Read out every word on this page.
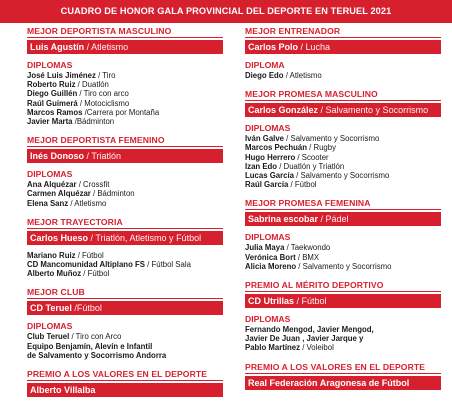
CUADRO DE HONOR GALA PROVINCIAL DEL DEPORTE EN TERUEL 2021
MEJOR DEPORTISTA MASCULINO
Luis Agustín / Atletismo
DIPLOMAS
José Luis Jiménez / Tiro
Roberto Ruiz / Duatlón
Diego Guillén / Tiro con arco
Raúl Guimerá / Motociclismo
Marcos Ramos /Carrera por Montaña
Javier Marta /Bádminton
MEJOR DEPORTISTA FEMENINO
Inés Donoso / Triatlón
DIPLOMAS
Ana Alquézar / Crossfit
Carmen Alquézar / Bádminton
Elena Sanz / Atletismo
MEJOR TRAYECTORIA
Carlos Hueso / Triatlón, Atletismo y Fútbol
Mariano Ruiz / Fútbol
CD Mancomunidad Altiplano FS / Fútbol Sala
Alberto Muñoz / Fútbol
MEJOR CLUB
CD Teruel /Fútbol
DIPLOMAS
Club Teruel / Tiro con Arco
Equipo Benjamín, Alevín e Infantil
de Salvamento y Socorrismo Andorra
PREMIO A LOS VALORES EN EL DEPORTE
Alberto Villalba
MEJOR ENTRENADOR
Carlos Polo / Lucha
DIPLOMA
Diego Edo / Atletismo
MEJOR PROMESA MASCULINO
Carlos González / Salvamento y Socorrismo
DIPLOMAS
Iván Galve / Salvamento y Socorrismo
Marcos Pechuán / Rugby
Hugo Herrero / Scooter
Izan Edo / Duatlón y Triatlón
Lucas García / Salvamento y Socorrismo
Raúl García / Fútbol
MEJOR PROMESA FEMENINA
Sabrina escobar / Pádel
DIPLOMAS
Julia Maya / Taekwondo
Verónica Bort / BMX
Alicia Moreno / Salvamento y Socorrismo
PREMIO AL MÉRITO DEPORTIVO
CD Utrillas / Fútbol
DIPLOMAS
Fernando Mengod, Javier Mengod,
Javier De Juan , Javier Jarque y
Pablo Martínez / Voleibol
PREMIO A LOS VALORES EN EL DEPORTE
Real Federación Aragonesa de Fútbol
